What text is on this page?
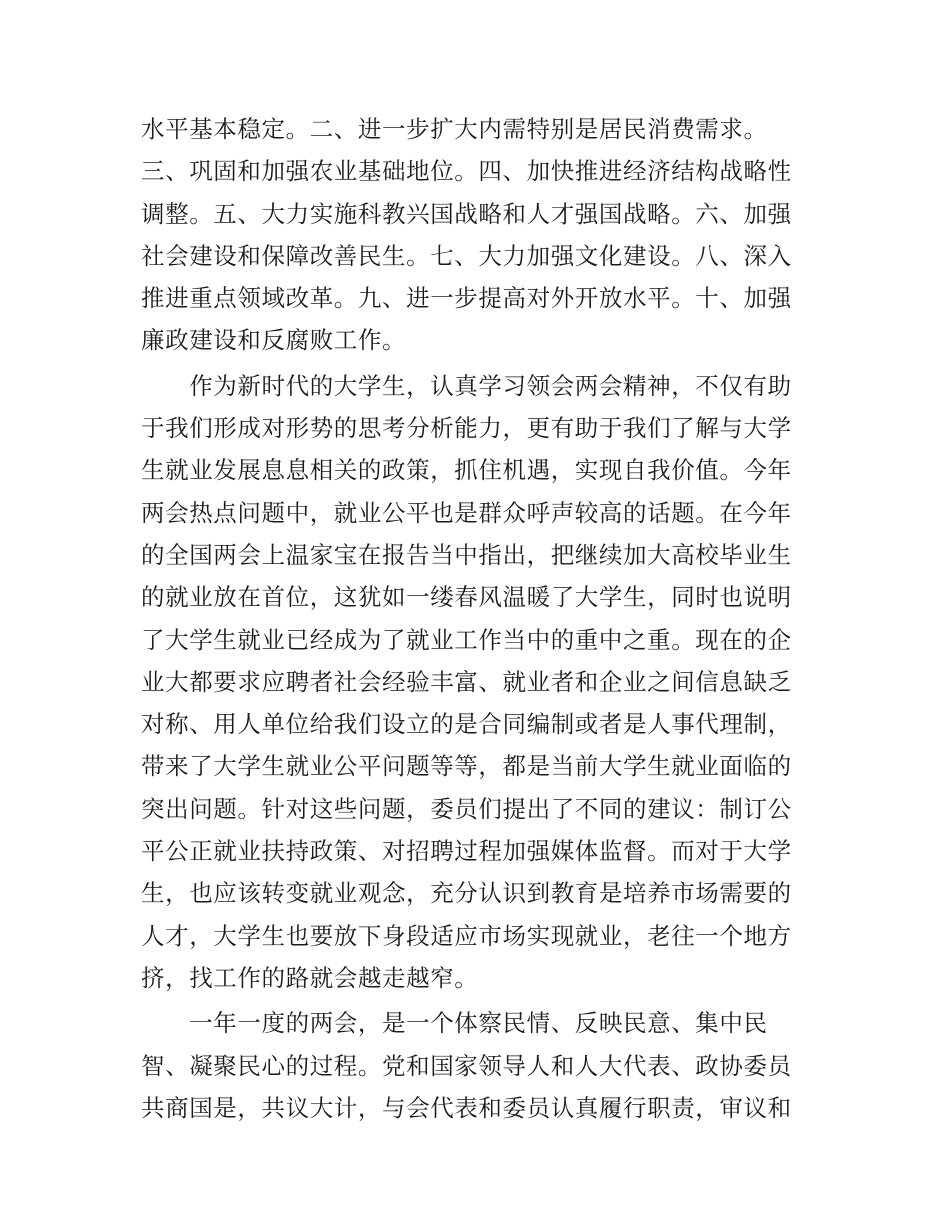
水平基本稳定。二、进一步扩大内需特别是居民消费需求。
三、巩固和加强农业基础地位。四、加快推进经济结构战略性
调整。五、大力实施科教兴国战略和人才强国战略。六、加强
社会建设和保障改善民生。七、大力加强文化建设。八、深入
推进重点领域改革。九、进一步提高对外开放水平。十、加强
廉政建设和反腐败工作。
　　作为新时代的大学生，认真学习领会两会精神，不仅有助
于我们形成对形势的思考分析能力，更有助于我们了解与大学
生就业发展息息相关的政策，抓住机遇，实现自我价值。今年
两会热点问题中，就业公平也是群众呼声较高的话题。在今年
的全国两会上温家宝在报告当中指出，把继续加大高校毕业生
的就业放在首位，这犹如一缕春风温暖了大学生，同时也说明
了大学生就业已经成为了就业工作当中的重中之重。现在的企
业大都要求应聘者社会经验丰富、就业者和企业之间信息缺乏
对称、用人单位给我们设立的是合同编制或者是人事代理制，
带来了大学生就业公平问题等等，都是当前大学生就业面临的
突出问题。针对这些问题，委员们提出了不同的建议：制订公
平公正就业扶持政策、对招聘过程加强媒体监督。而对于大学
生，也应该转变就业观念，充分认识到教育是培养市场需要的
人才，大学生也要放下身段适应市场实现就业，老往一个地方
挤，找工作的路就会越走越窄。
　　一年一度的两会，是一个体察民情、反映民意、集中民
智、凝聚民心的过程。党和国家领导人和人大代表、政协委员
共商国是，共议大计，与会代表和委员认真履行职责，审议和
